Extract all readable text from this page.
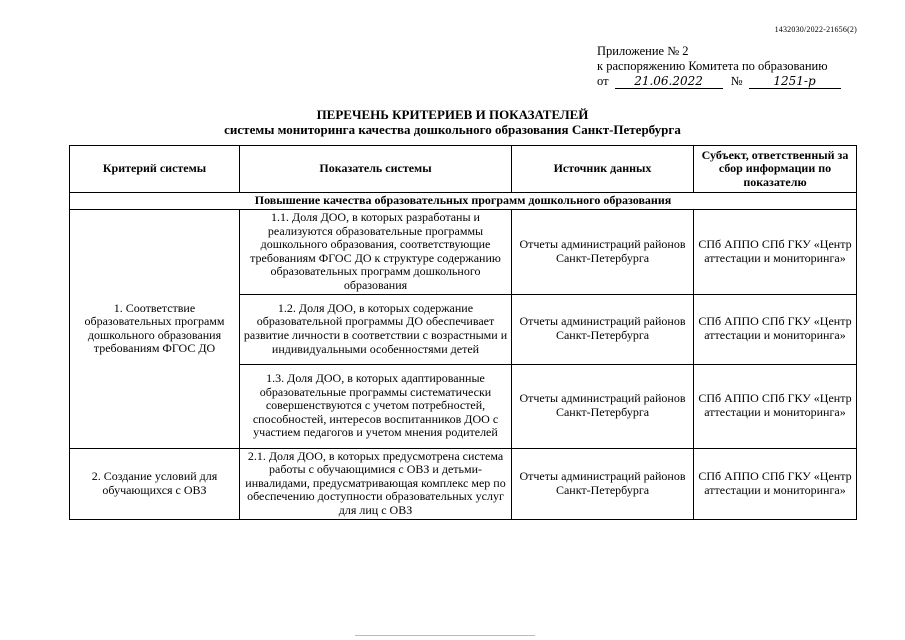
1432030/2022-21656(2)
Приложение № 2
к распоряжению Комитета по образованию
от	21.06.2022	№	1251-р
ПЕРЕЧЕНЬ КРИТЕРИЕВ И ПОКАЗАТЕЛЕЙ
системы мониторинга качества дошкольного образования Санкт-Петербурга
Критерий системы	Показатель системы	Источник данных	Субъект, ответственный за сбор информации по показателю
Повышение качества образовательных программ дошкольного образования			
1. Соответствие образовательных программ дошкольного образования требованиям ФГОС ДО	1.1. Доля ДОО, в которых разработаны и реализуются образовательные программы дошкольного образования, соответствующие требованиям ФГОС ДО к структуре содержанию образовательных программ дошкольного образования	Отчеты администраций районов Санкт-Петербурга	СПб АППО СПб ГКУ «Центр аттестации и мониторинга»
	1.2. Доля ДОО, в которых содержание образовательной программы ДО обеспечивает развитие личности в соответствии с возрастными и индивидуальными особенностями детей	Отчеты администраций районов Санкт-Петербурга	СПб АППО СПб ГКУ «Центр аттестации и мониторинга»
	1.3. Доля ДОО, в которых адаптированные образовательные программы систематически совершенствуются с учетом потребностей, способностей, интересов воспитанников ДОО с участием педагогов и учетом мнения родителей	Отчеты администраций районов Санкт-Петербурга	СПб АППО СПб ГКУ «Центр аттестации и мониторинга»
2. Создание условий для обучающихся с ОВЗ	2.1. Доля ДОО, в которых предусмотрена система работы с обучающимися с ОВЗ и детьми-инвалидами, предусматривающая комплекс мер по обеспечению доступности образовательных услуг для лиц с ОВЗ	Отчеты администраций районов Санкт-Петербурга	СПб АППО СПб ГКУ «Центр аттестации и мониторинга»
